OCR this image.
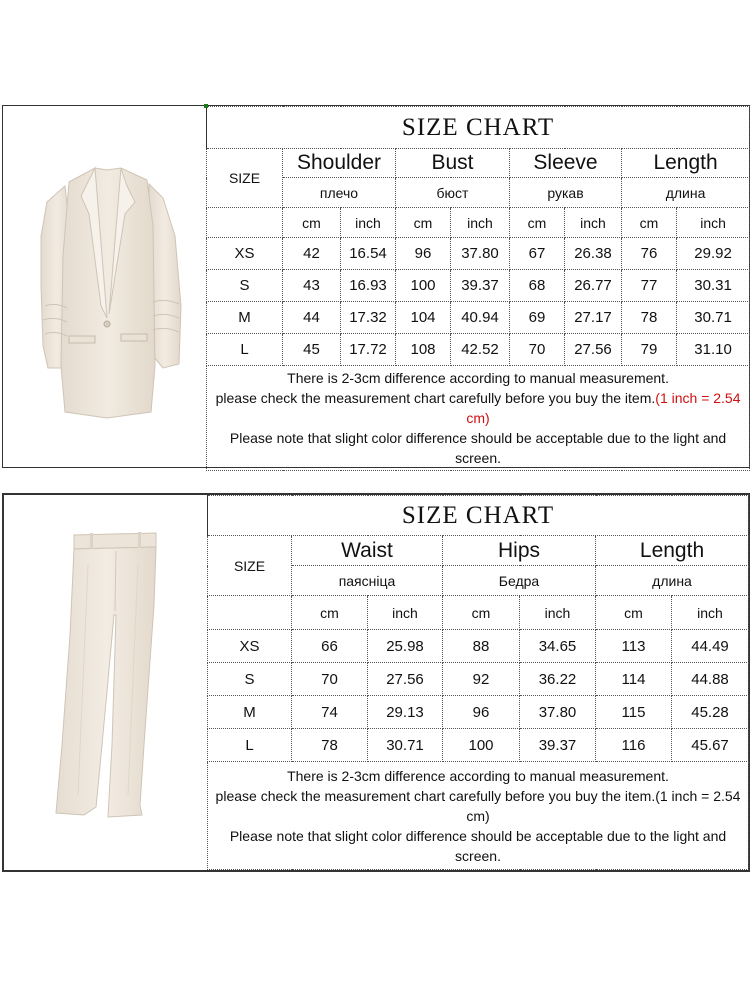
SIZE CHART								
SIZE	Shoulder		Bust		Sleeve		Length	
	плечо		бюст		рукав		длина	
	cm	inch	cm	inch	cm	inch	cm	inch
XS	42	16.54	96	37.80	67	26.38	76	29.92
S	43	16.93	100	39.37	68	26.77	77	30.31
M	44	17.32	104	40.94	69	27.17	78	30.71
L	45	17.72	108	42.52	70	27.56	79	31.10

There is 2-3cm difference according to manual measurement.

please check the measurement chart carefully before you buy the item.(1 inch = 2.54 cm)

Please note that slight color difference should be acceptable due to the light and screen.								

SIZE CHART						
SIZE	Waist		Hips		Length	
	паясніца		Бедра		длина	
	cm	inch	cm	inch	cm	inch
XS	66	25.98	88	34.65	113	44.49
S	70	27.56	92	36.22	114	44.88
M	74	29.13	96	37.80	115	45.28
L	78	30.71	100	39.37	116	45.67

There is 2-3cm difference according to manual measurement.

please check the measurement chart carefully before you buy the item.(1 inch = 2.54 cm)

Please note that slight color difference should be acceptable due to the light and screen.						
